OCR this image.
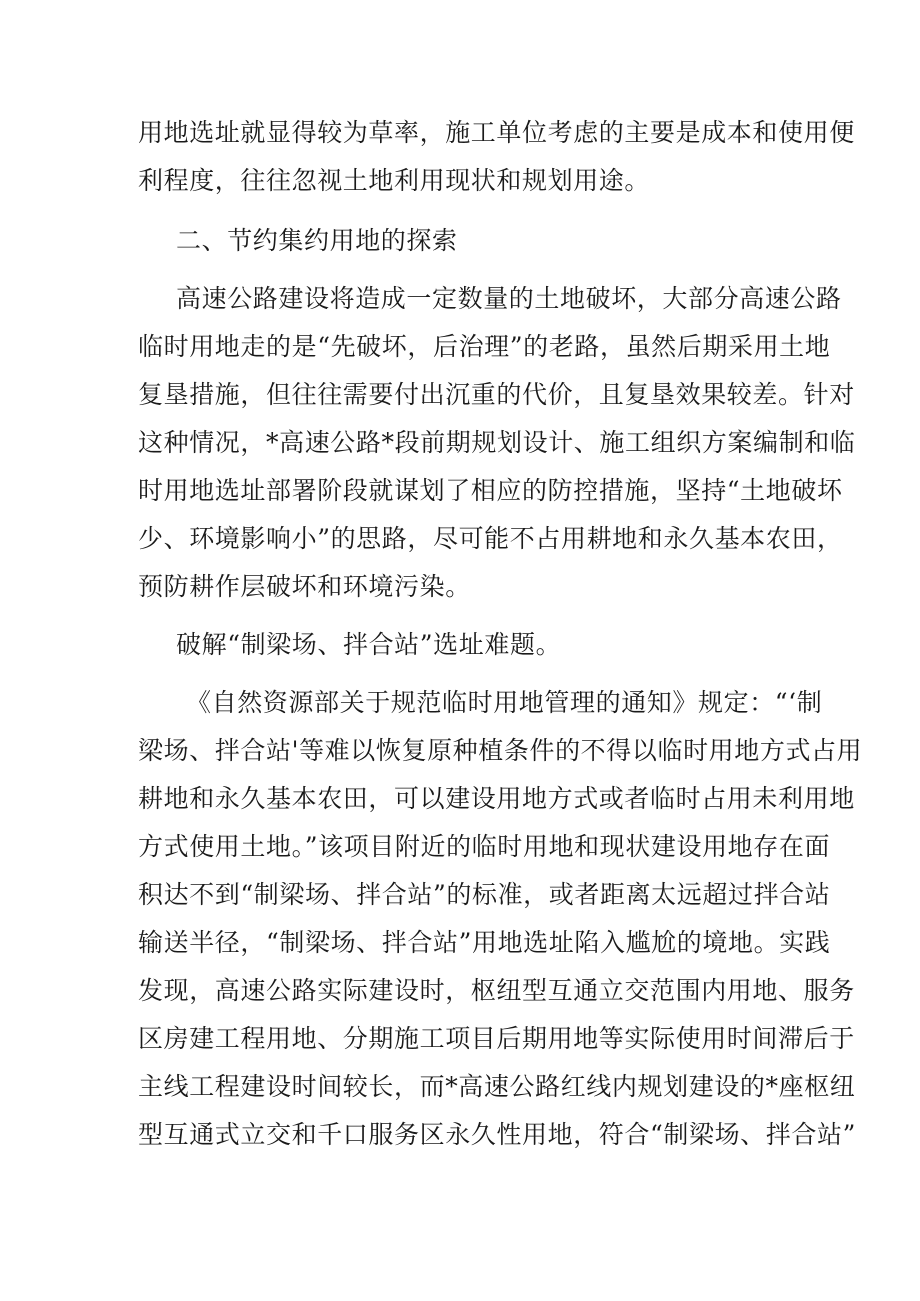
用地选址就显得较为草率，施工单位考虑的主要是成本和使用便
利程度，往往忽视土地利用现状和规划用途。
二、节约集约用地的探索
高速公路建设将造成一定数量的土地破坏，大部分高速公路
临时用地走的是“先破坏，后治理”的老路，虽然后期采用土地
复垦措施，但往往需要付出沉重的代价，且复垦效果较差。针对
这种情况，*高速公路*段前期规划设计、施工组织方案编制和临
时用地选址部署阶段就谋划了相应的防控措施，坚持“土地破坏
少、环境影响小”的思路，尽可能不占用耕地和永久基本农田，
预防耕作层破坏和环境污染。
破解“制梁场、拌合站”选址难题。
《自然资源部关于规范临时用地管理的通知》规定：“‘制
梁场、拌合站'等难以恢复原种植条件的不得以临时用地方式占用
耕地和永久基本农田，可以建设用地方式或者临时占用未利用地
方式使用土地。”该项目附近的临时用地和现状建设用地存在面
积达不到“制梁场、拌合站”的标准，或者距离太远超过拌合站
输送半径，“制梁场、拌合站”用地选址陷入尴尬的境地。实践
发现，高速公路实际建设时，枢纽型互通立交范围内用地、服务
区房建工程用地、分期施工项目后期用地等实际使用时间滞后于
主线工程建设时间较长，而*高速公路红线内规划建设的*座枢纽
型互通式立交和千口服务区永久性用地，符合“制梁场、拌合站”
